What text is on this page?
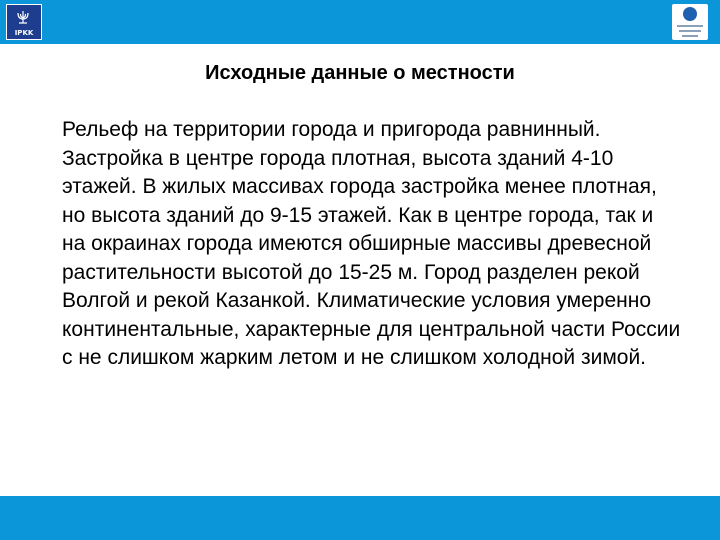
ΙΡΚΚ
Исходные данные о местности

Рельеф на территории города и пригорода равнинный. Застройка в центре города плотная, высота зданий 4-10 этажей. В жилых массивах города застройка менее плотная, но высота зданий до 9-15 этажей. Как в центре города, так и на окраинах города имеются обширные массивы древесной растительности высотой до 15-25 м. Город разделен рекой Волгой и рекой Казанкой. Климатические условия умеренно континентальные, характерные для центральной части России с не слишком жарким летом и не слишком холодной зимой.
